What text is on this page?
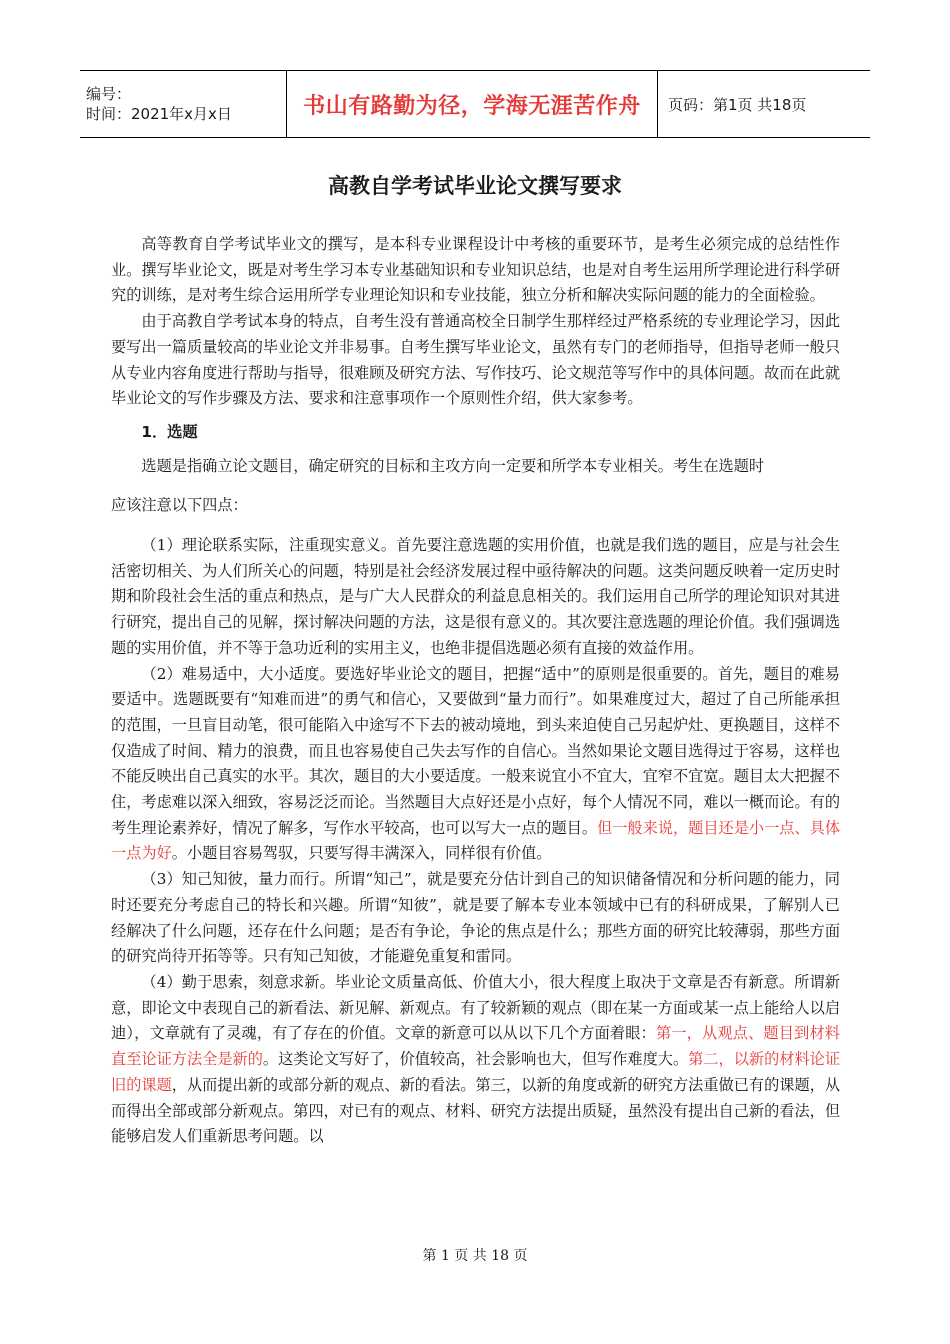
编号：
时间：2021年x月x日	书山有路勤为径，学海无涯苦作舟	页码：第1页 共18页
高教自学考试毕业论文撰写要求

高等教育自学考试毕业文的撰写，是本科专业课程设计中考核的重要环节，是考生必须完成的总结性作业。撰写毕业论文，既是对考生学习本专业基础知识和专业知识总结，也是对自考生运用所学理论进行科学研究的训练，是对考生综合运用所学专业理论知识和专业技能，独立分析和解决实际问题的能力的全面检验。

由于高教自学考试本身的特点，自考生没有普通高校全日制学生那样经过严格系统的专业理论学习，因此要写出一篇质量较高的毕业论文并非易事。自考生撰写毕业论文，虽然有专门的老师指导，但指导老师一般只从专业内容角度进行帮助与指导，很难顾及研究方法、写作技巧、论文规范等写作中的具体问题。故而在此就毕业论文的写作步骤及方法、要求和注意事项作一个原则性介绍，供大家参考。

1．选题

选题是指确立论文题目，确定研究的目标和主攻方向一定要和所学本专业相关。考生在选题时

应该注意以下四点：

（1）理论联系实际，注重现实意义。首先要注意选题的实用价值，也就是我们选的题目，应是与社会生活密切相关、为人们所关心的问题，特别是社会经济发展过程中亟待解决的问题。这类问题反映着一定历史时期和阶段社会生活的重点和热点，是与广大人民群众的利益息息相关的。我们运用自己所学的理论知识对其进行研究，提出自己的见解，探讨解决问题的方法，这是很有意义的。其次要注意选题的理论价值。我们强调选题的实用价值，并不等于急功近利的实用主义，也绝非提倡选题必须有直接的效益作用。

（2）难易适中，大小适度。要选好毕业论文的题目，把握“适中”的原则是很重要的。首先，题目的难易要适中。选题既要有“知难而进”的勇气和信心，又要做到“量力而行”。如果难度过大，超过了自己所能承担的范围，一旦盲目动笔，很可能陷入中途写不下去的被动境地，到头来迫使自己另起炉灶、更换题目，这样不仅造成了时间、精力的浪费，而且也容易使自己失去写作的自信心。当然如果论文题目选得过于容易，这样也不能反映出自己真实的水平。其次，题目的大小要适度。一般来说宜小不宜大，宜窄不宜宽。题目太大把握不住，考虑难以深入细致，容易泛泛而论。当然题目大点好还是小点好，每个人情况不同，难以一概而论。有的考生理论素养好，情况了解多，写作水平较高，也可以写大一点的题目。但一般来说，题目还是小一点、具体一点为好。小题目容易驾驭，只要写得丰满深入，同样很有价值。

（3）知己知彼，量力而行。所谓“知己”，就是要充分估计到自己的知识储备情况和分析问题的能力，同时还要充分考虑自己的特长和兴趣。所谓“知彼”，就是要了解本专业本领域中已有的科研成果，了解别人已经解决了什么问题，还存在什么问题；是否有争论，争论的焦点是什么；那些方面的研究比较薄弱，那些方面的研究尚待开拓等等。只有知己知彼，才能避免重复和雷同。

（4）勤于思索，刻意求新。毕业论文质量高低、价值大小，很大程度上取决于文章是否有新意。所谓新意，即论文中表现自己的新看法、新见解、新观点。有了较新颖的观点（即在某一方面或某一点上能给人以启迪），文章就有了灵魂，有了存在的价值。文章的新意可以从以下几个方面着眼：第一，从观点、题目到材料直至论证方法全是新的。这类论文写好了，价值较高，社会影响也大，但写作难度大。第二，以新的材料论证旧的课题，从而提出新的或部分新的观点、新的看法。第三，以新的角度或新的研究方法重做已有的课题，从而得出全部或部分新观点。第四，对已有的观点、材料、研究方法提出质疑，虽然没有提出自己新的看法，但能够启发人们重新思考问题。以

第 1 页 共 18 页
